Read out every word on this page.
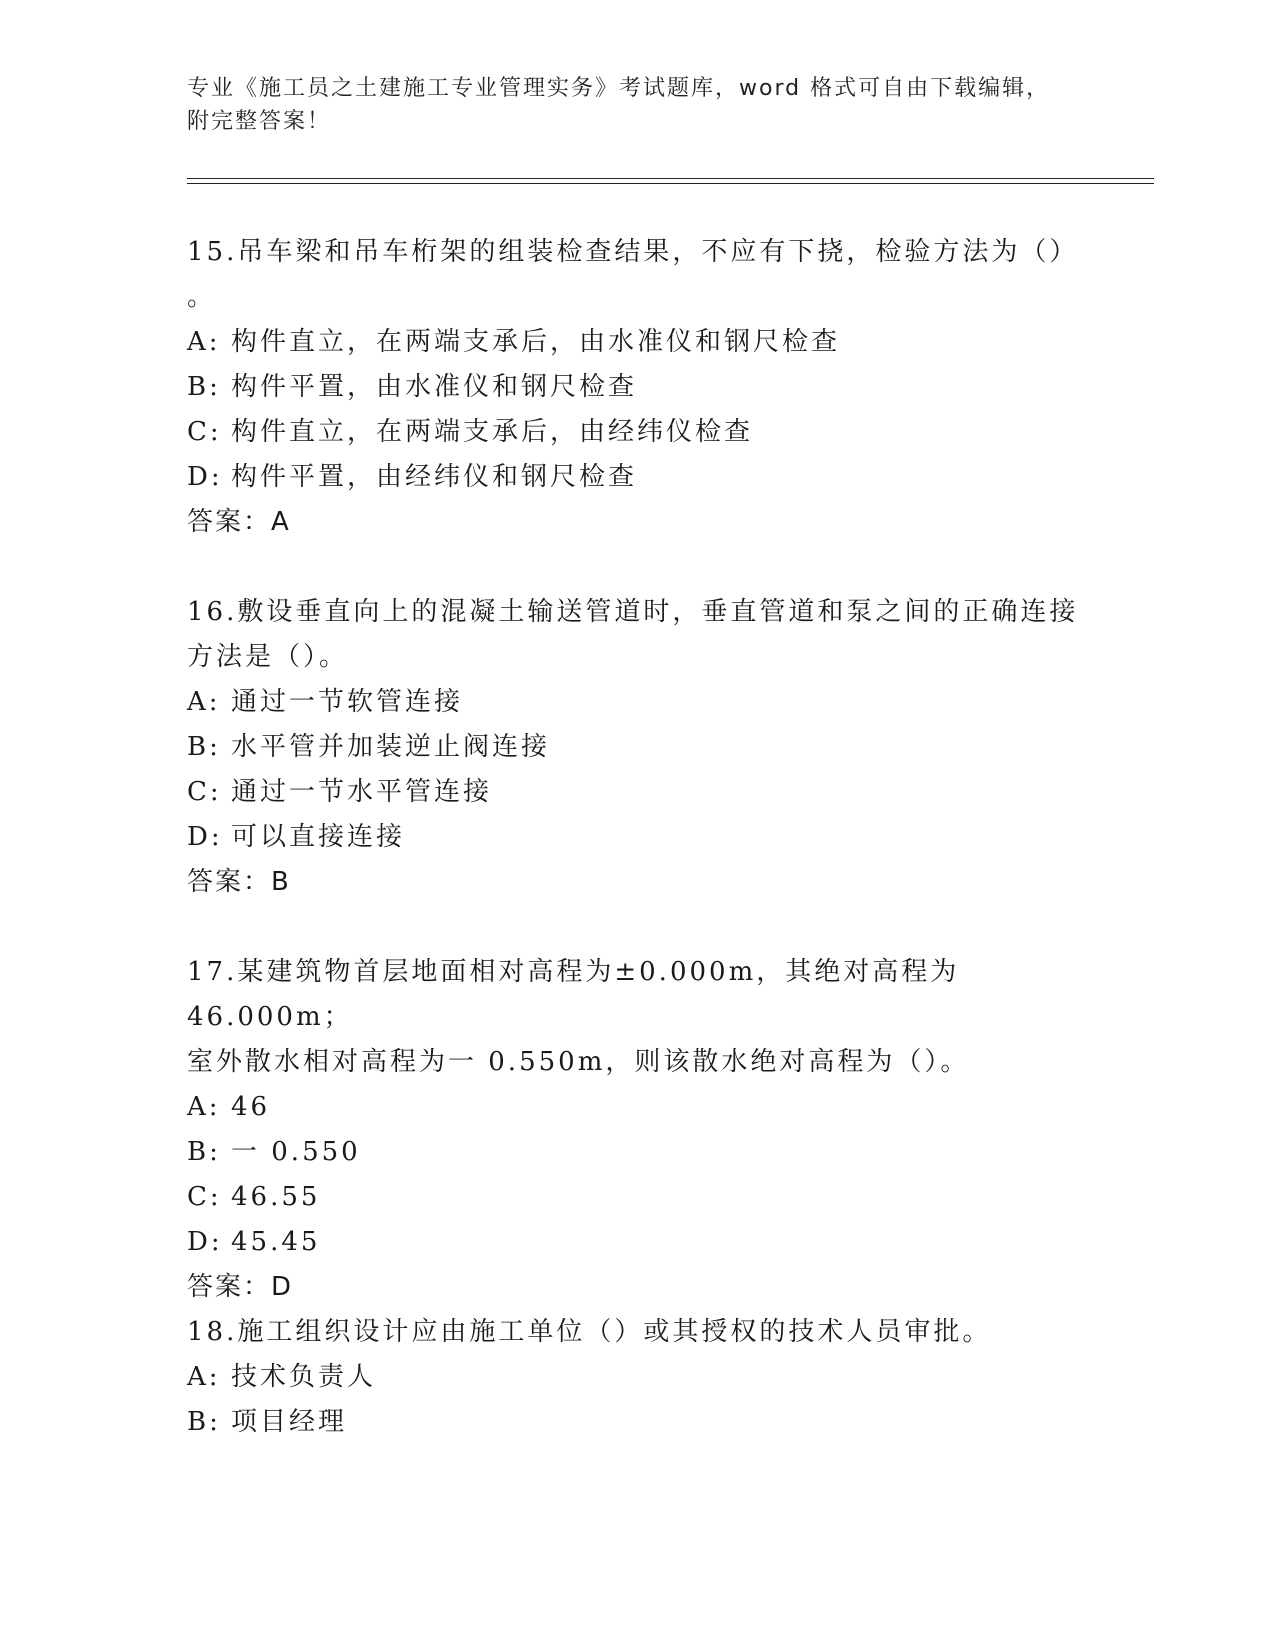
专业《施工员之土建施工专业管理实务》考试题库，word 格式可自由下载编辑，
附完整答案！

15.吊车梁和吊车桁架的组装检查结果，不应有下挠，检验方法为（）

。

A: 构件直立，在两端支承后，由水准仪和钢尺检查

B: 构件平置，由水准仪和钢尺检查

C: 构件直立，在两端支承后，由经纬仪检查

D: 构件平置，由经纬仪和钢尺检查

答案：A

16.敷设垂直向上的混凝土输送管道时，垂直管道和泵之间的正确连接

方法是（）。

A: 通过一节软管连接

B: 水平管并加装逆止阀连接

C: 通过一节水平管连接

D: 可以直接连接

答案：B

17.某建筑物首层地面相对高程为±0.000m，其绝对高程为 46.000m；

室外散水相对高程为一 0.550m，则该散水绝对高程为（）。

A: 46

B: 一 0.550

C: 46.55

D: 45.45

答案：D

18.施工组织设计应由施工单位（）或其授权的技术人员审批。

A: 技术负责人

B: 项目经理
